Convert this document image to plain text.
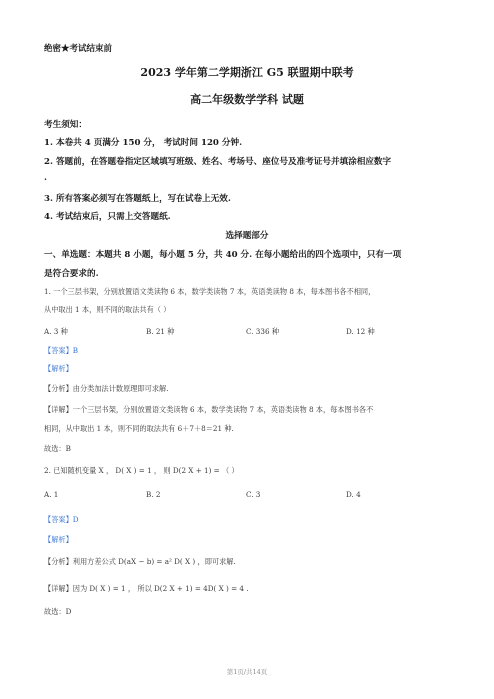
绝密★考试结束前
2023 学年第二学期浙江 G5 联盟期中联考
高二年级数学学科 试题
考生须知：
1. 本卷共 4 页满分 150 分， 考试时间 120 分钟.
2. 答题前，在答题卷指定区域填写班级、姓名、考场号、座位号及准考证号并填涂相应数字
.
3. 所有答案必须写在答题纸上，写在试卷上无效.
4. 考试结束后，只需上交答题纸.
选择题部分
一、单选题：本题共 8 小题，每小题 5 分，共 40 分. 在每小题给出的四个选项中，只有一项
是符合要求的.
1. 一个三层书架，分别放置语文类读物 6 本，数学类读物 7 本，英语类读物 8 本，每本图书各不相同，
从中取出 1 本，则不同的取法共有（ ）
A. 3 种	B. 21 种	C. 336 种	D. 12 种
【答案】B
【解析】
【分析】由分类加法计数原理即可求解.
【详解】一个三层书架，分别放置语文类读物 6 本，数学类读物 7 本，英语类读物 8 本，每本图书各不
相同，从中取出 1 本，则不同的取法共有 6＋7＋8＝21 种.
故选：B
2. 已知随机变量 X ， D( X ) = 1 ， 则 D(2 X + 1) = （ ）
A. 1	B. 2	C. 3	D. 4
【答案】D
【解析】
【分析】利用方差公式 D(aX − b) = a² D( X ) ，即可求解.
【详解】因为 D( X ) = 1 ， 所以 D(2 X + 1) = 4D( X ) = 4 .
故选：D
第1页/共14页
